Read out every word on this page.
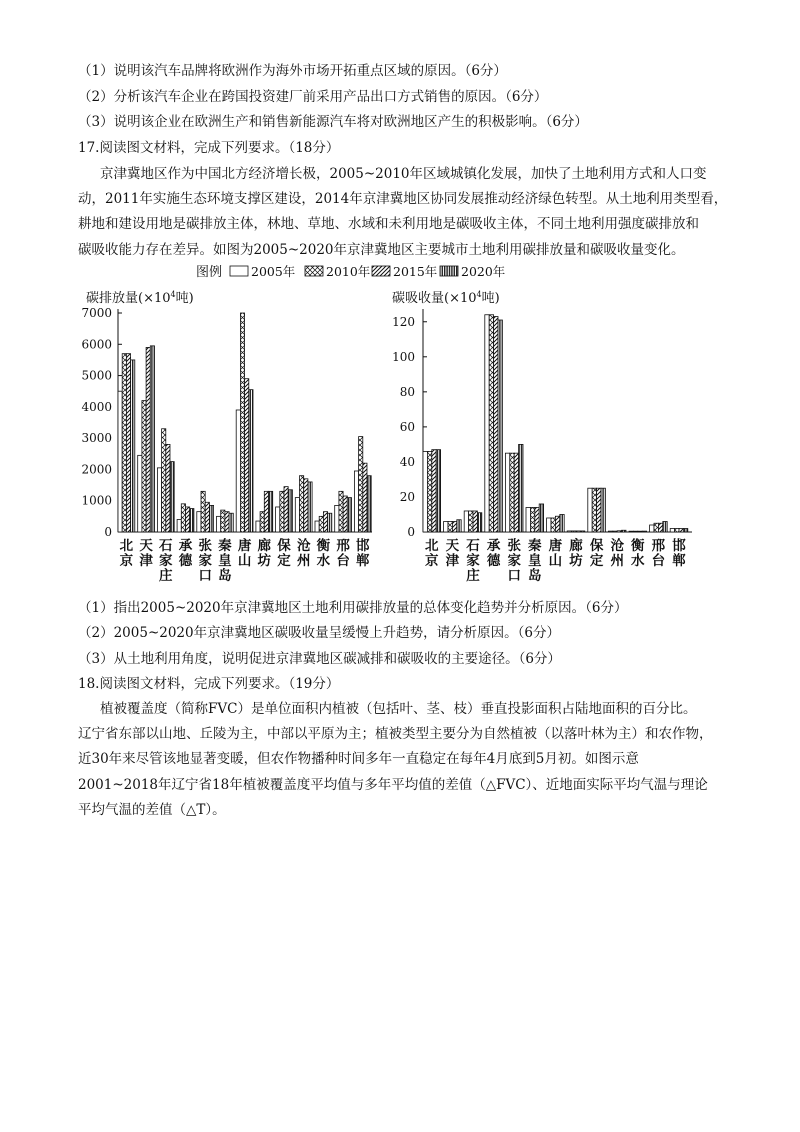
（1）说明该汽车品牌将欧洲作为海外市场开拓重点区域的原因。（6分）
（2）分析该汽车企业在跨国投资建厂前采用产品出口方式销售的原因。（6分）
（3）说明该企业在欧洲生产和销售新能源汽车将对欧洲地区产生的积极影响。（6分）
17.阅读图文材料，完成下列要求。（18分）
京津冀地区作为中国北方经济增长极，2005~2010年区域城镇化发展，加快了土地利用方式和人口变
动，2011年实施生态环境支撑区建设，2014年京津冀地区协同发展推动经济绿色转型。从土地利用类型看，
耕地和建设用地是碳排放主体，林地、草地、水域和未利用地是碳吸收主体，不同土地利用强度碳排放和
碳吸收能力存在差异。如图为2005~2020年京津冀地区主要城市土地利用碳排放量和碳吸收量变化。
图例 2005年 2010年 2015年 2020年
碳排放量($\times 10^4$吨)
0
1000
2000
3000
4000
5000
6000
7000
北京
天津
石家庄
承德
张家口
秦皇岛
唐山
廊坊
保定
沧州
衡水
邢台
邯郸
碳吸收量($\times 10^4$吨)
0
20
40
60
80
100
120
北京
天津
石家庄
承德
张家口
秦皇岛
唐山
廊坊
保定
沧州
衡水
邢台
邯郸
（1）指出2005~2020年京津冀地区土地利用碳排放量的总体变化趋势并分析原因。（6分）
（2）2005~2020年京津冀地区碳吸收量呈缓慢上升趋势，请分析原因。（6分）
（3）从土地利用角度，说明促进京津冀地区碳减排和碳吸收的主要途径。（6分）
18.阅读图文材料，完成下列要求。（19分）
植被覆盖度（简称FVC）是单位面积内植被（包括叶、茎、枝）垂直投影面积占陆地面积的百分比。
辽宁省东部以山地、丘陵为主，中部以平原为主；植被类型主要分为自然植被（以落叶林为主）和农作物，
近30年来尽管该地显著变暖，但农作物播种时间多年一直稳定在每年4月底到5月初。如图示意
2001~2018年辽宁省18年植被覆盖度平均值与多年平均值的差值（△FVC）、近地面实际平均气温与理论
平均气温的差值（△T）。
